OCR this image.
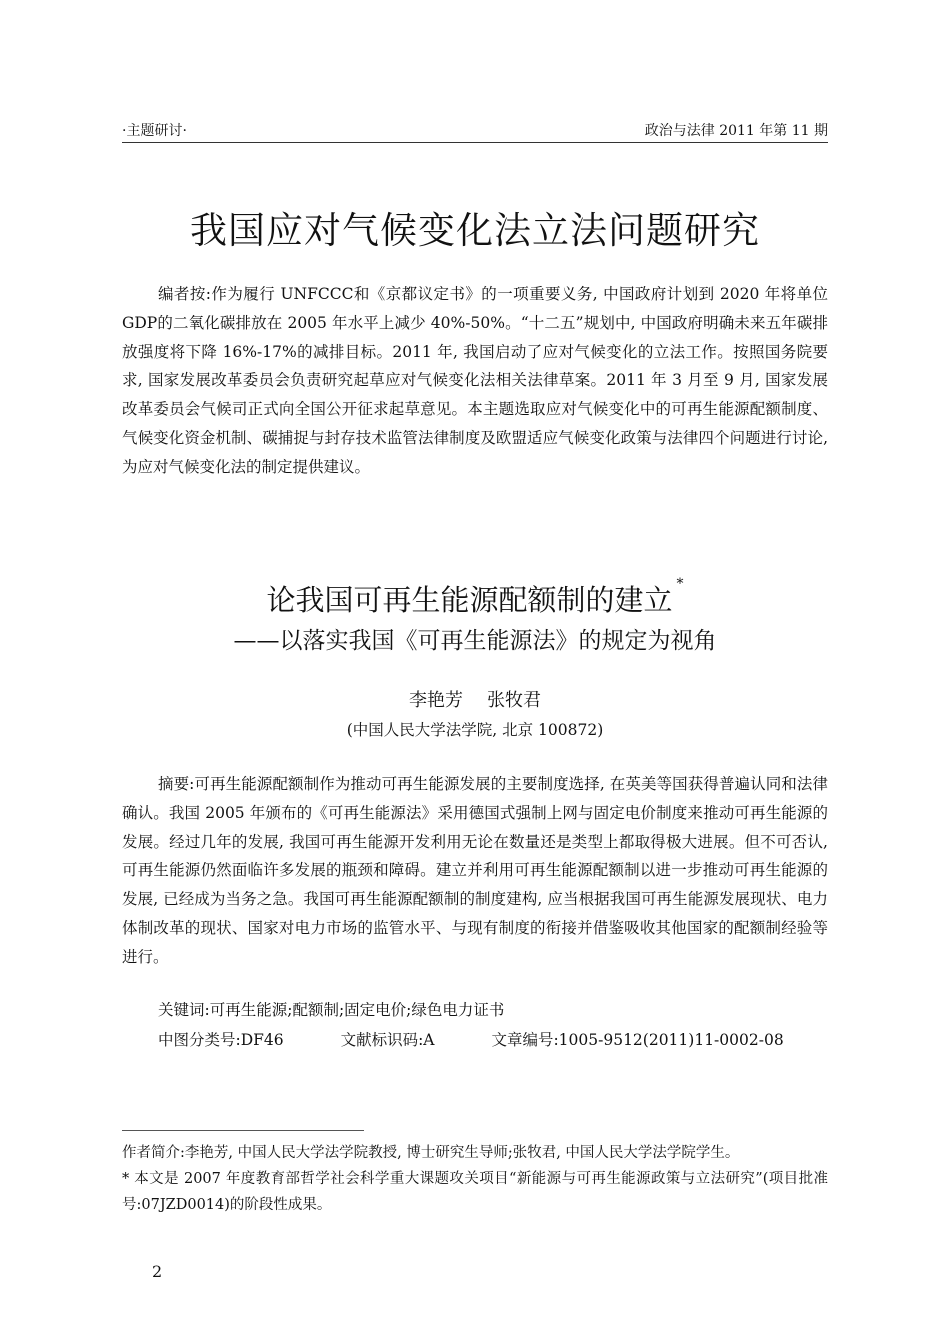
·主题研讨·	政治与法律 2011 年第 11 期
我国应对气候变化法立法问题研究

编者按:作为履行 UNFCCC和《京都议定书》的一项重要义务, 中国政府计划到 2020 年将单位 GDP的二氧化碳排放在 2005 年水平上减少 40%-50%。“十二五”规划中, 中国政府明确未来五年碳排放强度将下降 16%-17%的减排目标。2011 年, 我国启动了应对气候变化的立法工作。按照国务院要求, 国家发展改革委员会负责研究起草应对气候变化法相关法律草案。2011 年 3 月至 9 月, 国家发展改革委员会气候司正式向全国公开征求起草意见。本主题选取应对气候变化中的可再生能源配额制度、气候变化资金机制、碳捕捉与封存技术监管法律制度及欧盟适应气候变化政策与法律四个问题进行讨论, 为应对气候变化法的制定提供建议。

论我国可再生能源配额制的建立 *
——以落实我国《可再生能源法》的规定为视角
李艳芳 张牧君
(中国人民大学法学院, 北京 100872)

摘要:可再生能源配额制作为推动可再生能源发展的主要制度选择, 在英美等国获得普遍认同和法律确认。我国 2005 年颁布的《可再生能源法》采用德国式强制上网与固定电价制度来推动可再生能源的发展。经过几年的发展, 我国可再生能源开发利用无论在数量还是类型上都取得极大进展。但不可否认, 可再生能源仍然面临许多发展的瓶颈和障碍。建立并利用可再生能源配额制以进一步推动可再生能源的发展, 已经成为当务之急。我国可再生能源配额制的制度建构, 应当根据我国可再生能源发展现状、电力体制改革的现状、国家对电力市场的监管水平、与现有制度的衔接并借鉴吸收其他国家的配额制经验等进行。

关键词:可再生能源;配额制;固定电价;绿色电力证书
中图分类号:DF46	文献标识码:A	文章编号:1005-9512(2011)11-0002-08

作者简介:李艳芳, 中国人民大学法学院教授, 博士研究生导师;张牧君, 中国人民大学法学院学生。

* 本文是 2007 年度教育部哲学社会科学重大课题攻关项目“新能源与可再生能源政策与立法研究”(项目批准号:07JZD0014)的阶段性成果。

2
